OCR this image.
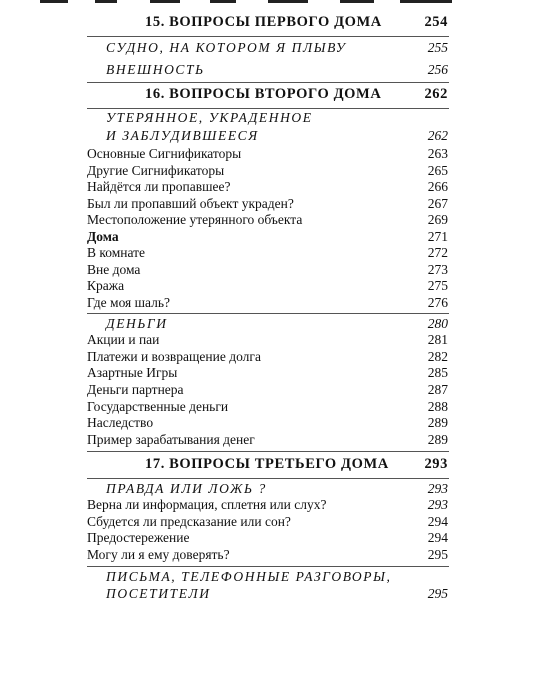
15. ВОПРОСЫ ПЕРВОГО ДОМА	254
СУДНО, НА КОТОРОМ Я ПЛЫВУ	255
ВНЕШНОСТЬ	256
16. ВОПРОСЫ ВТОРОГО ДОМА	262
УТЕРЯННОЕ, УКРАДЕННОЕ
И ЗАБЛУДИВШЕЕСЯ	262
Основные Сигнификаторы	263
Другие Сигнификаторы	265
Найдётся ли пропавшее?	266
Был ли пропавший объект украден?	267
Местоположение утерянного объекта	269
Дома	271
В комнате	272
Вне дома	273
Кража	275
Где моя шаль?	276
ДЕНЬГИ	280
Акции и паи	281
Платежи и возвращение долга	282
Азартные Игры	285
Деньги партнера	287
Государственные деньги	288
Наследство	289
Пример зарабатывания денег	289
17. ВОПРОСЫ ТРЕТЬЕГО ДОМА 293
ПРАВДА ИЛИ ЛОЖЬ ?	293
Верна ли информация, сплетня или слух?	293
Сбудется ли предсказание или сон?	294
Предостережение	294
Могу ли я ему доверять?	295
ПИСЬМА, ТЕЛЕФОННЫЕ РАЗГОВОРЫ,
ПОСЕТИТЕЛИ	295
